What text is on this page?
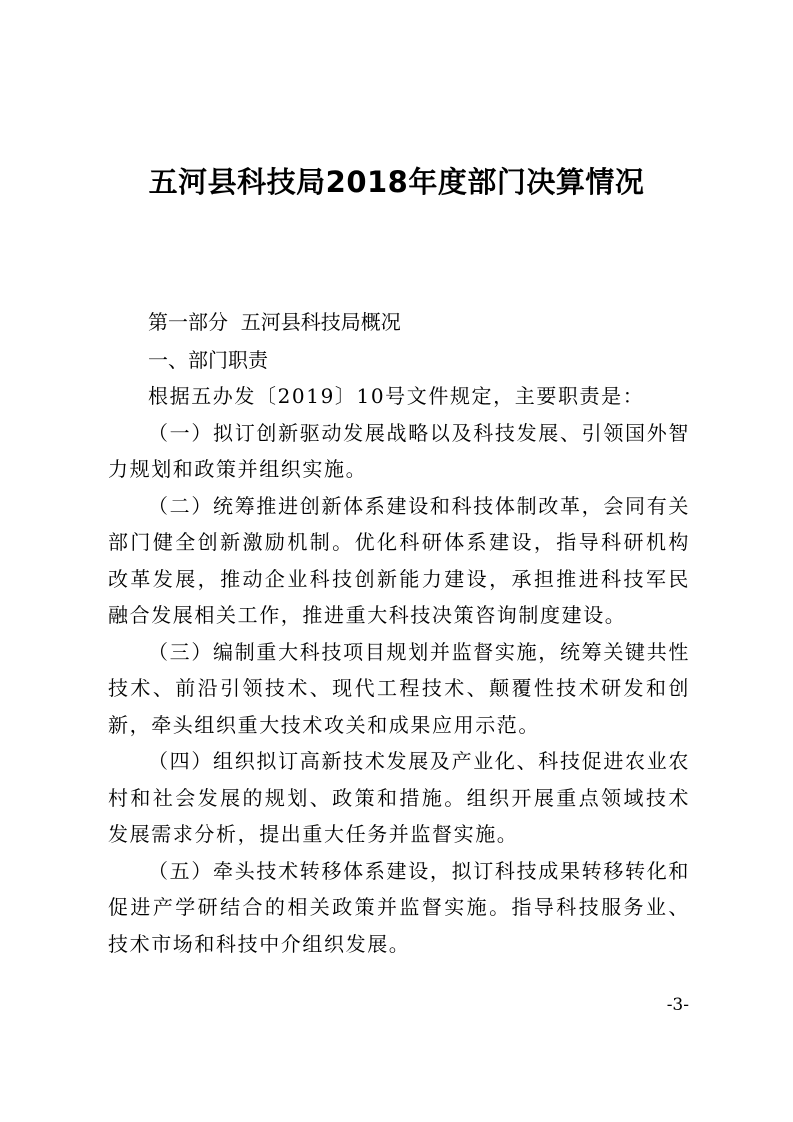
五河县科技局2018年度部门决算情况
第一部分  五河县科技局概况
一、部门职责

根据五办发〔2019〕10号文件规定，主要职责是：

（一）拟订创新驱动发展战略以及科技发展、引领国外智力规划和政策并组织实施。

（二）统筹推进创新体系建设和科技体制改革，会同有关部门健全创新激励机制。优化科研体系建设，指导科研机构改革发展，推动企业科技创新能力建设，承担推进科技军民融合发展相关工作，推进重大科技决策咨询制度建设。

（三）编制重大科技项目规划并监督实施，统筹关键共性技术、前沿引领技术、现代工程技术、颠覆性技术研发和创新，牵头组织重大技术攻关和成果应用示范。

（四）组织拟订高新技术发展及产业化、科技促进农业农村和社会发展的规划、政策和措施。组织开展重点领域技术发展需求分析，提出重大任务并监督实施。

（五）牵头技术转移体系建设，拟订科技成果转移转化和促进产学研结合的相关政策并监督实施。指导科技服务业、技术市场和科技中介组织发展。

-3-
